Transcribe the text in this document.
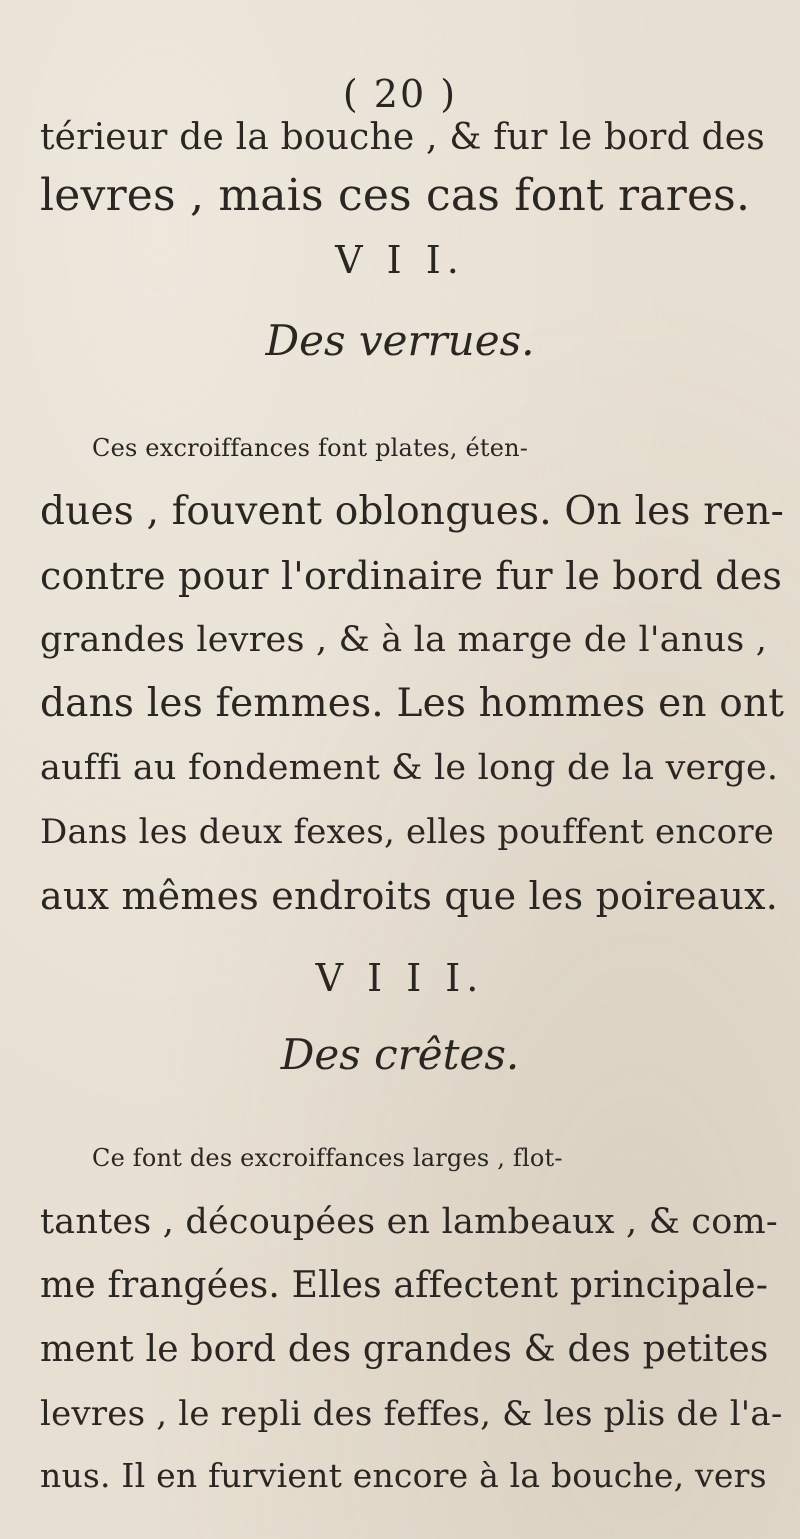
( 20 )
térieur de la bouche , & fur le bord des
levres , mais ces cas font rares.
V I I.
Des verrues.
Ces excroiffances font plates, éten-
dues , fouvent oblongues. On les ren-
contre pour l'ordinaire fur le bord des
grandes levres , & à la marge de l'anus ,
dans les femmes. Les hommes en ont
auffi au fondement & le long de la verge.
Dans les deux fexes, elles pouffent encore
aux mêmes endroits que les poireaux.
V I I I.
Des crêtes.
Ce font des excroiffances larges , flot-
tantes , découpées en lambeaux , & com-
me frangées. Elles affectent principale-
ment le bord des grandes & des petites
levres , le repli des feffes, & les plis de l'a-
nus. Il en furvient encore à la bouche, vers
